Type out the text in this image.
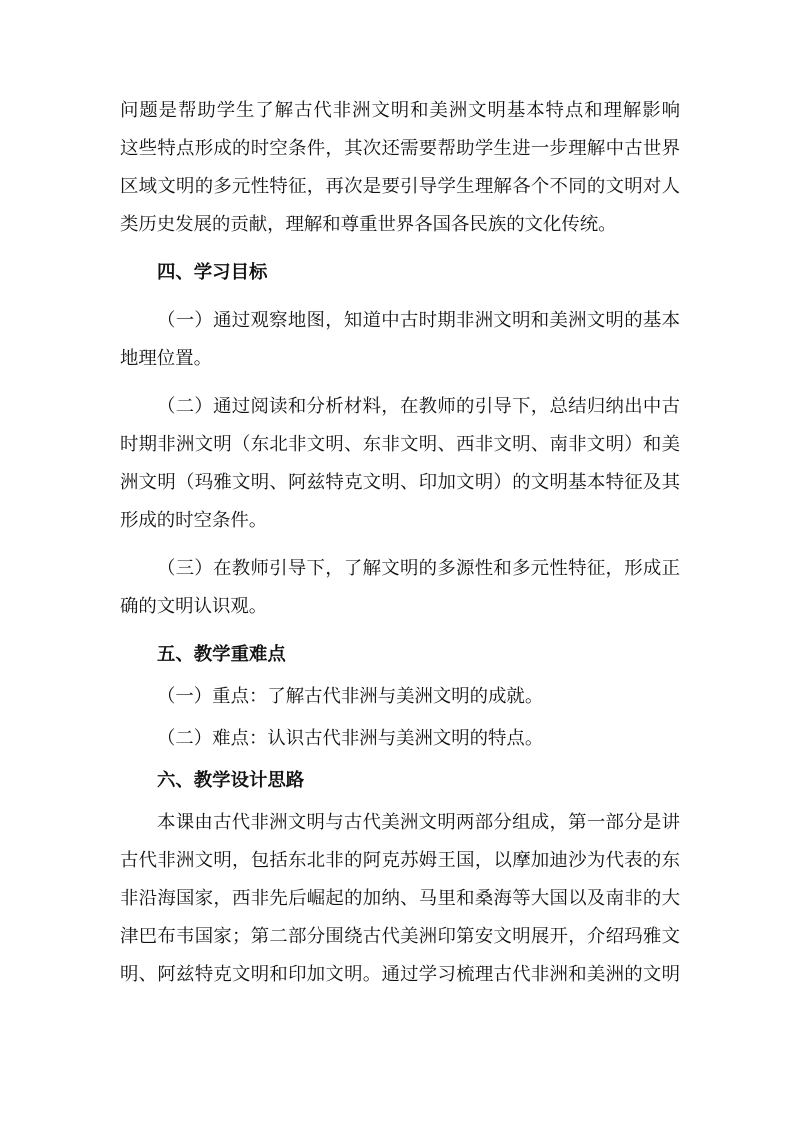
问题是帮助学生了解古代非洲文明和美洲文明基本特点和理解影响
这些特点形成的时空条件，其次还需要帮助学生进一步理解中古世界
区域文明的多元性特征，再次是要引导学生理解各个不同的文明对人
类历史发展的贡献，理解和尊重世界各国各民族的文化传统。
四、学习目标
（一）通过观察地图，知道中古时期非洲文明和美洲文明的基本
地理位置。
（二）通过阅读和分析材料，在教师的引导下，总结归纳出中古
时期非洲文明（东北非文明、东非文明、西非文明、南非文明）和美
洲文明（玛雅文明、阿兹特克文明、印加文明）的文明基本特征及其
形成的时空条件。
（三）在教师引导下，了解文明的多源性和多元性特征，形成正
确的文明认识观。
五、教学重难点
（一）重点：了解古代非洲与美洲文明的成就。
（二）难点：认识古代非洲与美洲文明的特点。
六、教学设计思路
本课由古代非洲文明与古代美洲文明两部分组成，第一部分是讲
古代非洲文明，包括东北非的阿克苏姆王国，以摩加迪沙为代表的东
非沿海国家，西非先后崛起的加纳、马里和桑海等大国以及南非的大
津巴布韦国家；第二部分围绕古代美洲印第安文明展开，介绍玛雅文
明、阿兹特克文明和印加文明。通过学习梳理古代非洲和美洲的文明
